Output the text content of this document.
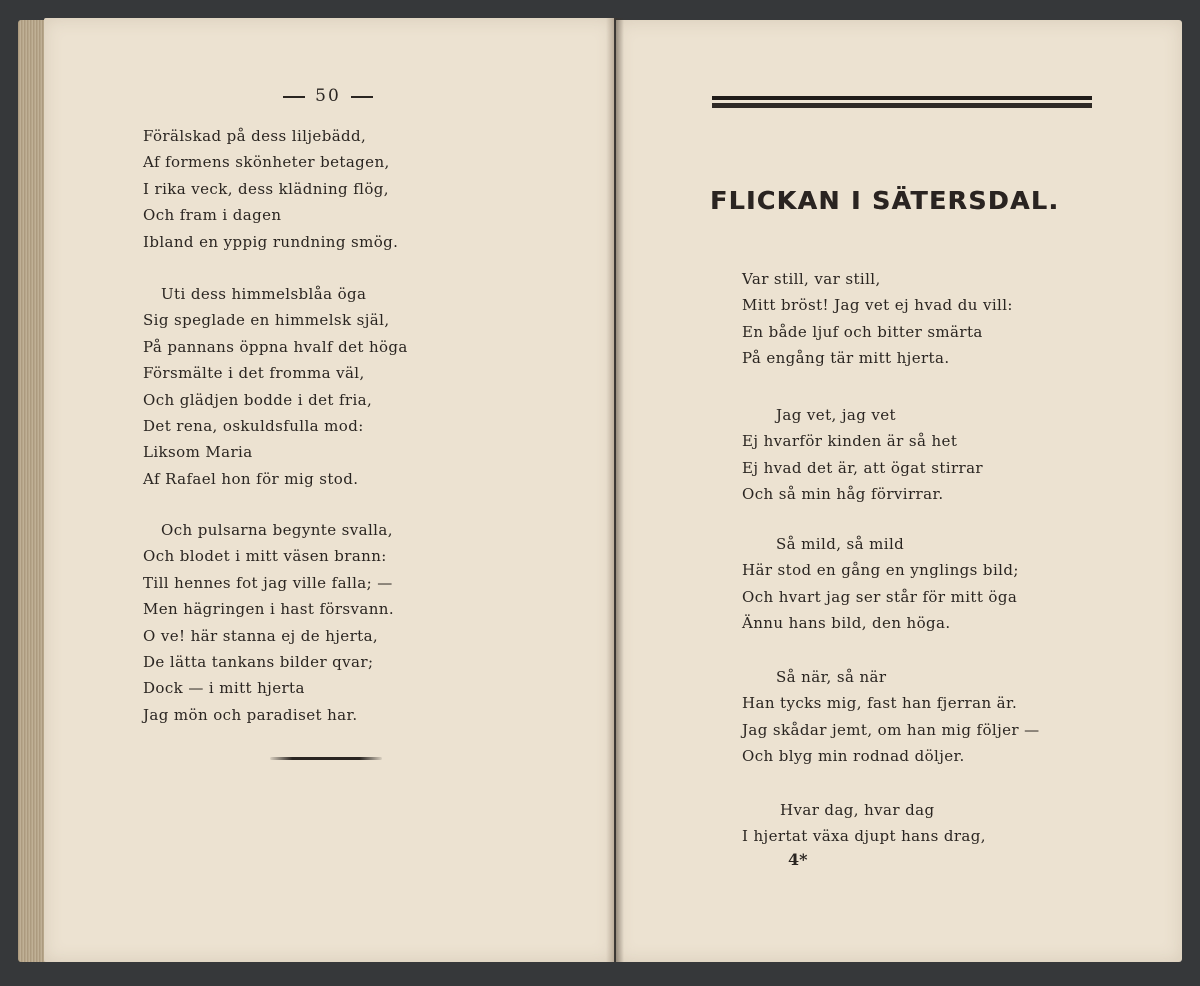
50
Förälskad på dess liljebädd,
Af formens skönheter betagen,
I rika veck, dess klädning flög,
Och fram i dagen
Ibland en yppig rundning smög.
Uti dess himmelsblåa öga
Sig speglade en himmelsk själ,
På pannans öppna hvalf det höga
Försmälte i det fromma väl,
Och glädjen bodde i det fria,
Det rena, oskuldsfulla mod:
Liksom Maria
Af Rafael hon för mig stod.
Och pulsarna begynte svalla,
Och blodet i mitt väsen brann:
Till hennes fot jag ville falla; —
Men hägringen i hast försvann.
O ve! här stanna ej de hjerta,
De lätta tankans bilder qvar;
Dock — i mitt hjerta
Jag mön och paradiset har.
FLICKAN I SÄTERSDAL.
Var still, var still,
Mitt bröst! Jag vet ej hvad du vill:
En både ljuf och bitter smärta
På engång tär mitt hjerta.
Jag vet, jag vet
Ej hvarför kinden är så het
Ej hvad det är, att ögat stirrar
Och så min håg förvirrar.
Så mild, så mild
Här stod en gång en ynglings bild;
Och hvart jag ser står för mitt öga
Ännu hans bild, den höga.
Så när, så när
Han tycks mig, fast han fjerran är.
Jag skådar jemt, om han mig följer —
Och blyg min rodnad döljer.
Hvar dag, hvar dag
I hjertat växa djupt hans drag,
4*
